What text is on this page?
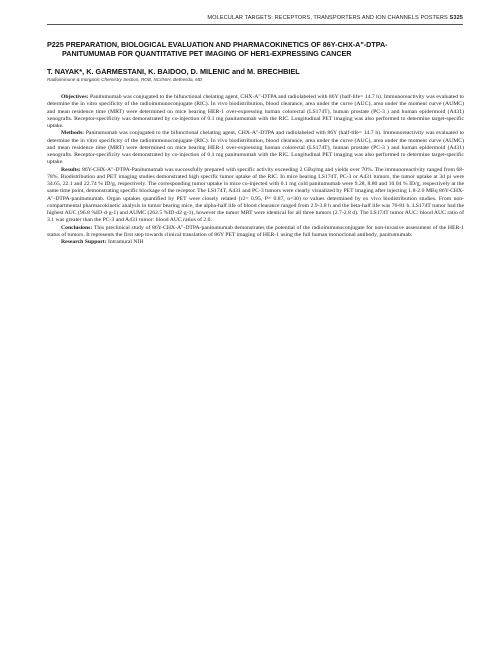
MOLECULAR TARGETS: RECEPTORS, TRANSPORTERS AND ION CHANNELS POSTERS S325
P225 PREPARATION, BIOLOGICAL EVALUATION AND PHARMACOKINETICS OF 86Y-CHX-A"-DTPA-
PANITUMUMAB FOR QUANTITATIVE PET IMAGING OF HER1-EXPRESSING CANCER
T. NAYAK*, K. GARMESTANI, K. BAIDOO, D. MILENIC and M. BRECHBIEL
Radioimmune & Inorganic Chemistry Section, ROB, NCI/NIH, Bethesda, MD

Objectives: Panitumumab was conjugated to the bifunctional chelating agent, CHX-A"-DTPA and radiolabeled with 86Y (half-life= 14.7 h). Immunoreactivity was evaluated to determine the in vitro specificity of the radioimmunoconjugate (RIC). In vivo biodistribution, blood clearance, area under the curve (AUC), area under the moment curve (AUMC) and mean residence time (MRT) were determined on mice bearing HER-1 over-expressing human colorectal (LS174T), human prostate (PC-3 ) and human epidermoid (A431) xenografts. Receptor-specificity was demonstrated by co-injection of 0.1 mg panitumumab with the RIC. Longitudinal PET imaging was also performed to determine target-specific uptake.

Methods: Panitumumab was conjugated to the bifunctional chelating agent, CHX-A"-DTPA and radiolabeled with 86Y (half-life= 14.7 h). Immunoreactivity was evaluated to determine the in vitro specificity of the radioimmunoconjugate (RIC). In vivo biodistribution, blood clearance, area under the curve (AUC), area under the moment curve (AUMC) and mean residence time (MRT) were determined on mice bearing HER-1 over-expressing human colorectal (LS174T), human prostate (PC-3 ) and human epidermoid (A431) xenografts. Receptor-specificity was demonstrated by co-injection of 0.1 mg panitumumab with the RIC. Longitudinal PET imaging was also performed to determine target-specific uptake.

Results: 86Y-CHX-A"-DTPA-Panitumumab was successfully prepared with specific activity exceeding 2 GBq/mg and yields over 70%. The immunoreactivity ranged from 68-78%. Biodistribution and PET imaging studies demonstrated high specific tumor uptake of the RIC. In mice bearing LS174T, PC-3 or A431 tumors, the tumor uptake at 3d pi were 34.65, 22.1 and 22.74 % ID/g, respectively. The corresponding tumor uptake in mice co-injected with 0.1 mg cold panitumumab were 9.28, 8.80 and 10.04 % ID/g, respectively at the same time point, demonstrating specific blockage of the receptor. The LS174T, A431 and PC-3 tumors were clearly visualized by PET imaging after injecting 1.8-2.0 MBq 86Y-CHX-A"-DTPA-panitumumab. Organ uptakes quantified by PET were closely related (r2= 0.95, P= 0.87, n=30) to values determined by ex vivo biodistribution studies. From non-compartmental pharmacokinetic analysis in tumor bearing mice, the alpha-half life of blood clearance ranged from 2.9-3.8 h and the beta-half life was 76-81 h. LS174T tumor had the highest AUC (96.8 %ID·d·g-1) and AUMC (262.5 %ID·d2·g-1), however the tumor MRT were identical for all three tumors (2.7-2.8 d). The LS174T tumor AUC: blood AUC ratio of 3.1 was greater than the PC-3 and A431 tumor: blood AUC ratios of 2.0.

Conclusions: This preclinical study of 86Y-CHX-A"-DTPA-panitumumab demonstrates the potential of the radioimmunoconjugate for non-invasive assessment of the HER-1 status of tumors. It represents the first step towards clinical translation of 86Y PET imaging of HER-1 using the full human monoclonal antibody, panitumumab.

Research Support: Intramural NIH
